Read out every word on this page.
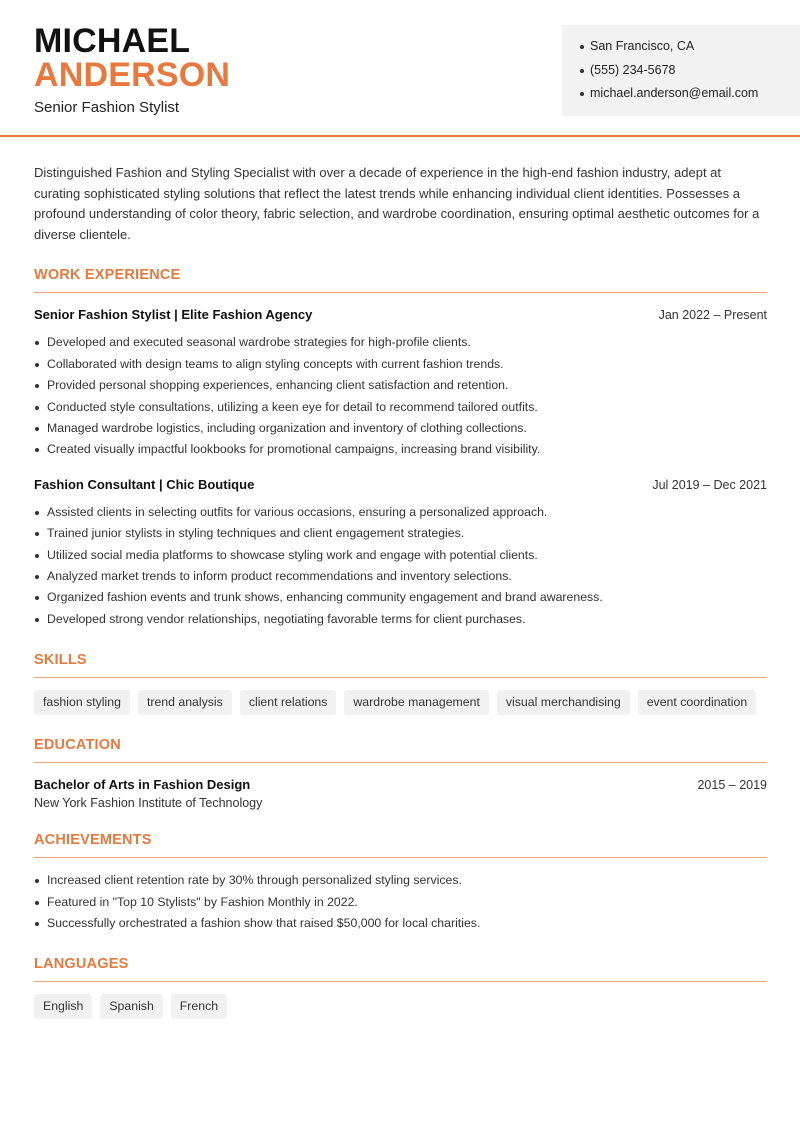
MICHAEL
ANDERSON
Senior Fashion Stylist
San Francisco, CA
(555) 234-5678
michael.anderson@email.com
Distinguished Fashion and Styling Specialist with over a decade of experience in the high-end fashion industry, adept at curating sophisticated styling solutions that reflect the latest trends while enhancing individual client identities. Possesses a profound understanding of color theory, fabric selection, and wardrobe coordination, ensuring optimal aesthetic outcomes for a diverse clientele.
WORK EXPERIENCE
Senior Fashion Stylist | Elite Fashion Agency	Jan 2022 – Present
Developed and executed seasonal wardrobe strategies for high-profile clients.
Collaborated with design teams to align styling concepts with current fashion trends.
Provided personal shopping experiences, enhancing client satisfaction and retention.
Conducted style consultations, utilizing a keen eye for detail to recommend tailored outfits.
Managed wardrobe logistics, including organization and inventory of clothing collections.
Created visually impactful lookbooks for promotional campaigns, increasing brand visibility.
Fashion Consultant | Chic Boutique	Jul 2019 – Dec 2021
Assisted clients in selecting outfits for various occasions, ensuring a personalized approach.
Trained junior stylists in styling techniques and client engagement strategies.
Utilized social media platforms to showcase styling work and engage with potential clients.
Analyzed market trends to inform product recommendations and inventory selections.
Organized fashion events and trunk shows, enhancing community engagement and brand awareness.
Developed strong vendor relationships, negotiating favorable terms for client purchases.
SKILLS
fashion styling	trend analysis	client relations	wardrobe management	visual merchandising	event coordination
EDUCATION
Bachelor of Arts in Fashion Design	2015 – 2019
New York Fashion Institute of Technology
ACHIEVEMENTS
Increased client retention rate by 30% through personalized styling services.
Featured in "Top 10 Stylists" by Fashion Monthly in 2022.
Successfully orchestrated a fashion show that raised $50,000 for local charities.
LANGUAGES
English	Spanish	French
